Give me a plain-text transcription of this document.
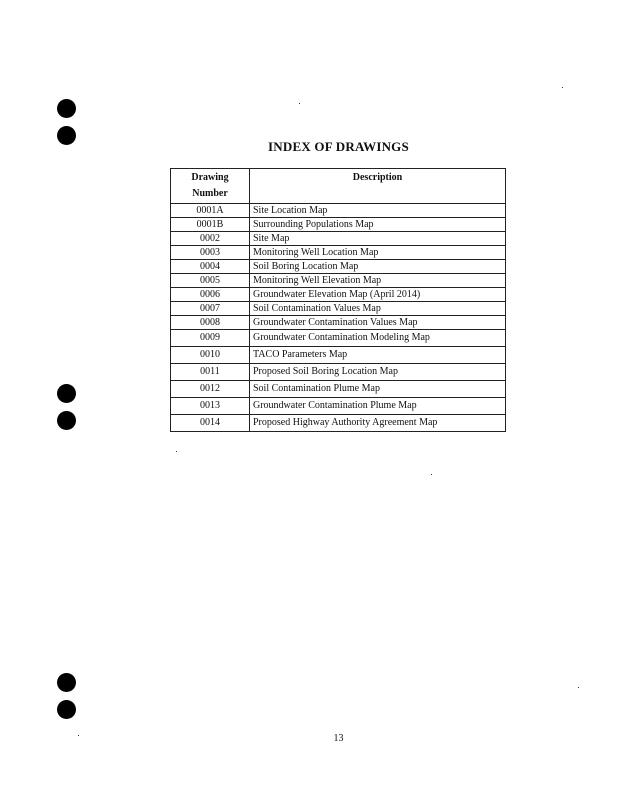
INDEX OF DRAWINGS
Drawing
Number	Description
0001A	Site Location Map
0001B	Surrounding Populations Map
0002	Site Map
0003	Monitoring Well Location Map
0004	Soil Boring Location Map
0005	Monitoring Well Elevation Map
0006	Groundwater Elevation Map (April 2014)
0007	Soil Contamination Values Map
0008	Groundwater Contamination Values Map
0009	Groundwater Contamination Modeling Map
0010	TACO Parameters Map
0011	Proposed Soil Boring Location Map
0012	Soil Contamination Plume Map
0013	Groundwater Contamination Plume Map
0014	Proposed Highway Authority Agreement Map
13
